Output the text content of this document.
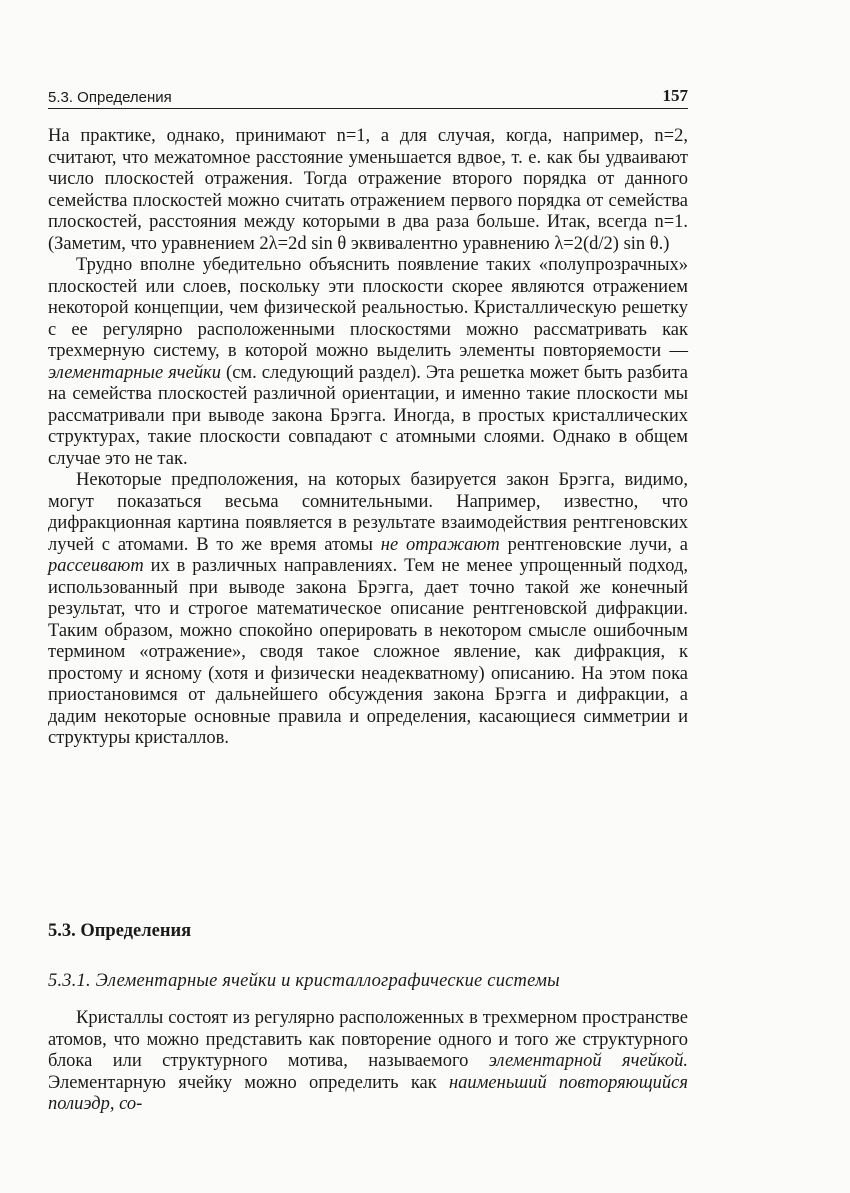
5.3. Определения	157

На практике, однако, принимают n=1, а для случая, когда, например, n=2, считают, что межатомное расстояние уменьшается вдвое, т. е. как бы удваивают число плоскостей отражения. Тогда отражение второго порядка от данного семейства плоскостей можно считать отражением первого порядка от семейства плоскостей, расстояния между которыми в два раза больше. Итак, всегда n=1. (Заметим, что уравнением 2λ=2d sin θ эквивалентно уравнению λ=2(d/2) sin θ.)

Трудно вполне убедительно объяснить появление таких «полупрозрачных» плоскостей или слоев, поскольку эти плоскости скорее являются отражением некоторой концепции, чем физической реальностью. Кристаллическую решетку с ее регулярно расположенными плоскостями можно рассматривать как трехмерную систему, в которой можно выделить элементы повторяемости — элементарные ячейки (см. следующий раздел). Эта решетка может быть разбита на семейства плоскостей различной ориентации, и именно такие плоскости мы рассматривали при выводе закона Брэгга. Иногда, в простых кристаллических структурах, такие плоскости совпадают с атомными слоями. Однако в общем случае это не так.

Некоторые предположения, на которых базируется закон Брэгга, видимо, могут показаться весьма сомнительными. Например, известно, что дифракционная картина появляется в результате взаимодействия рентгеновских лучей с атомами. В то же время атомы не отражают рентгеновские лучи, а рассеивают их в различных направлениях. Тем не менее упрощенный подход, использованный при выводе закона Брэгга, дает точно такой же конечный результат, что и строгое математическое описание рентгеновской дифракции. Таким образом, можно спокойно оперировать в некотором смысле ошибочным термином «отражение», сводя такое сложное явление, как дифракция, к простому и ясному (хотя и физически неадекватному) описанию. На этом пока приостановимся от дальнейшего обсуждения закона Брэгга и дифракции, а дадим некоторые основные правила и определения, касающиеся симметрии и структуры кристаллов.

5.3. Определения
5.3.1. Элементарные ячейки и кристаллографические системы

Кристаллы состоят из регулярно расположенных в трехмерном пространстве атомов, что можно представить как повторение одного и того же структурного блока или структурного мотива, называемого элементарной ячейкой. Элементарную ячейку можно определить как наименьший повторяющийся полиэдр, со-
